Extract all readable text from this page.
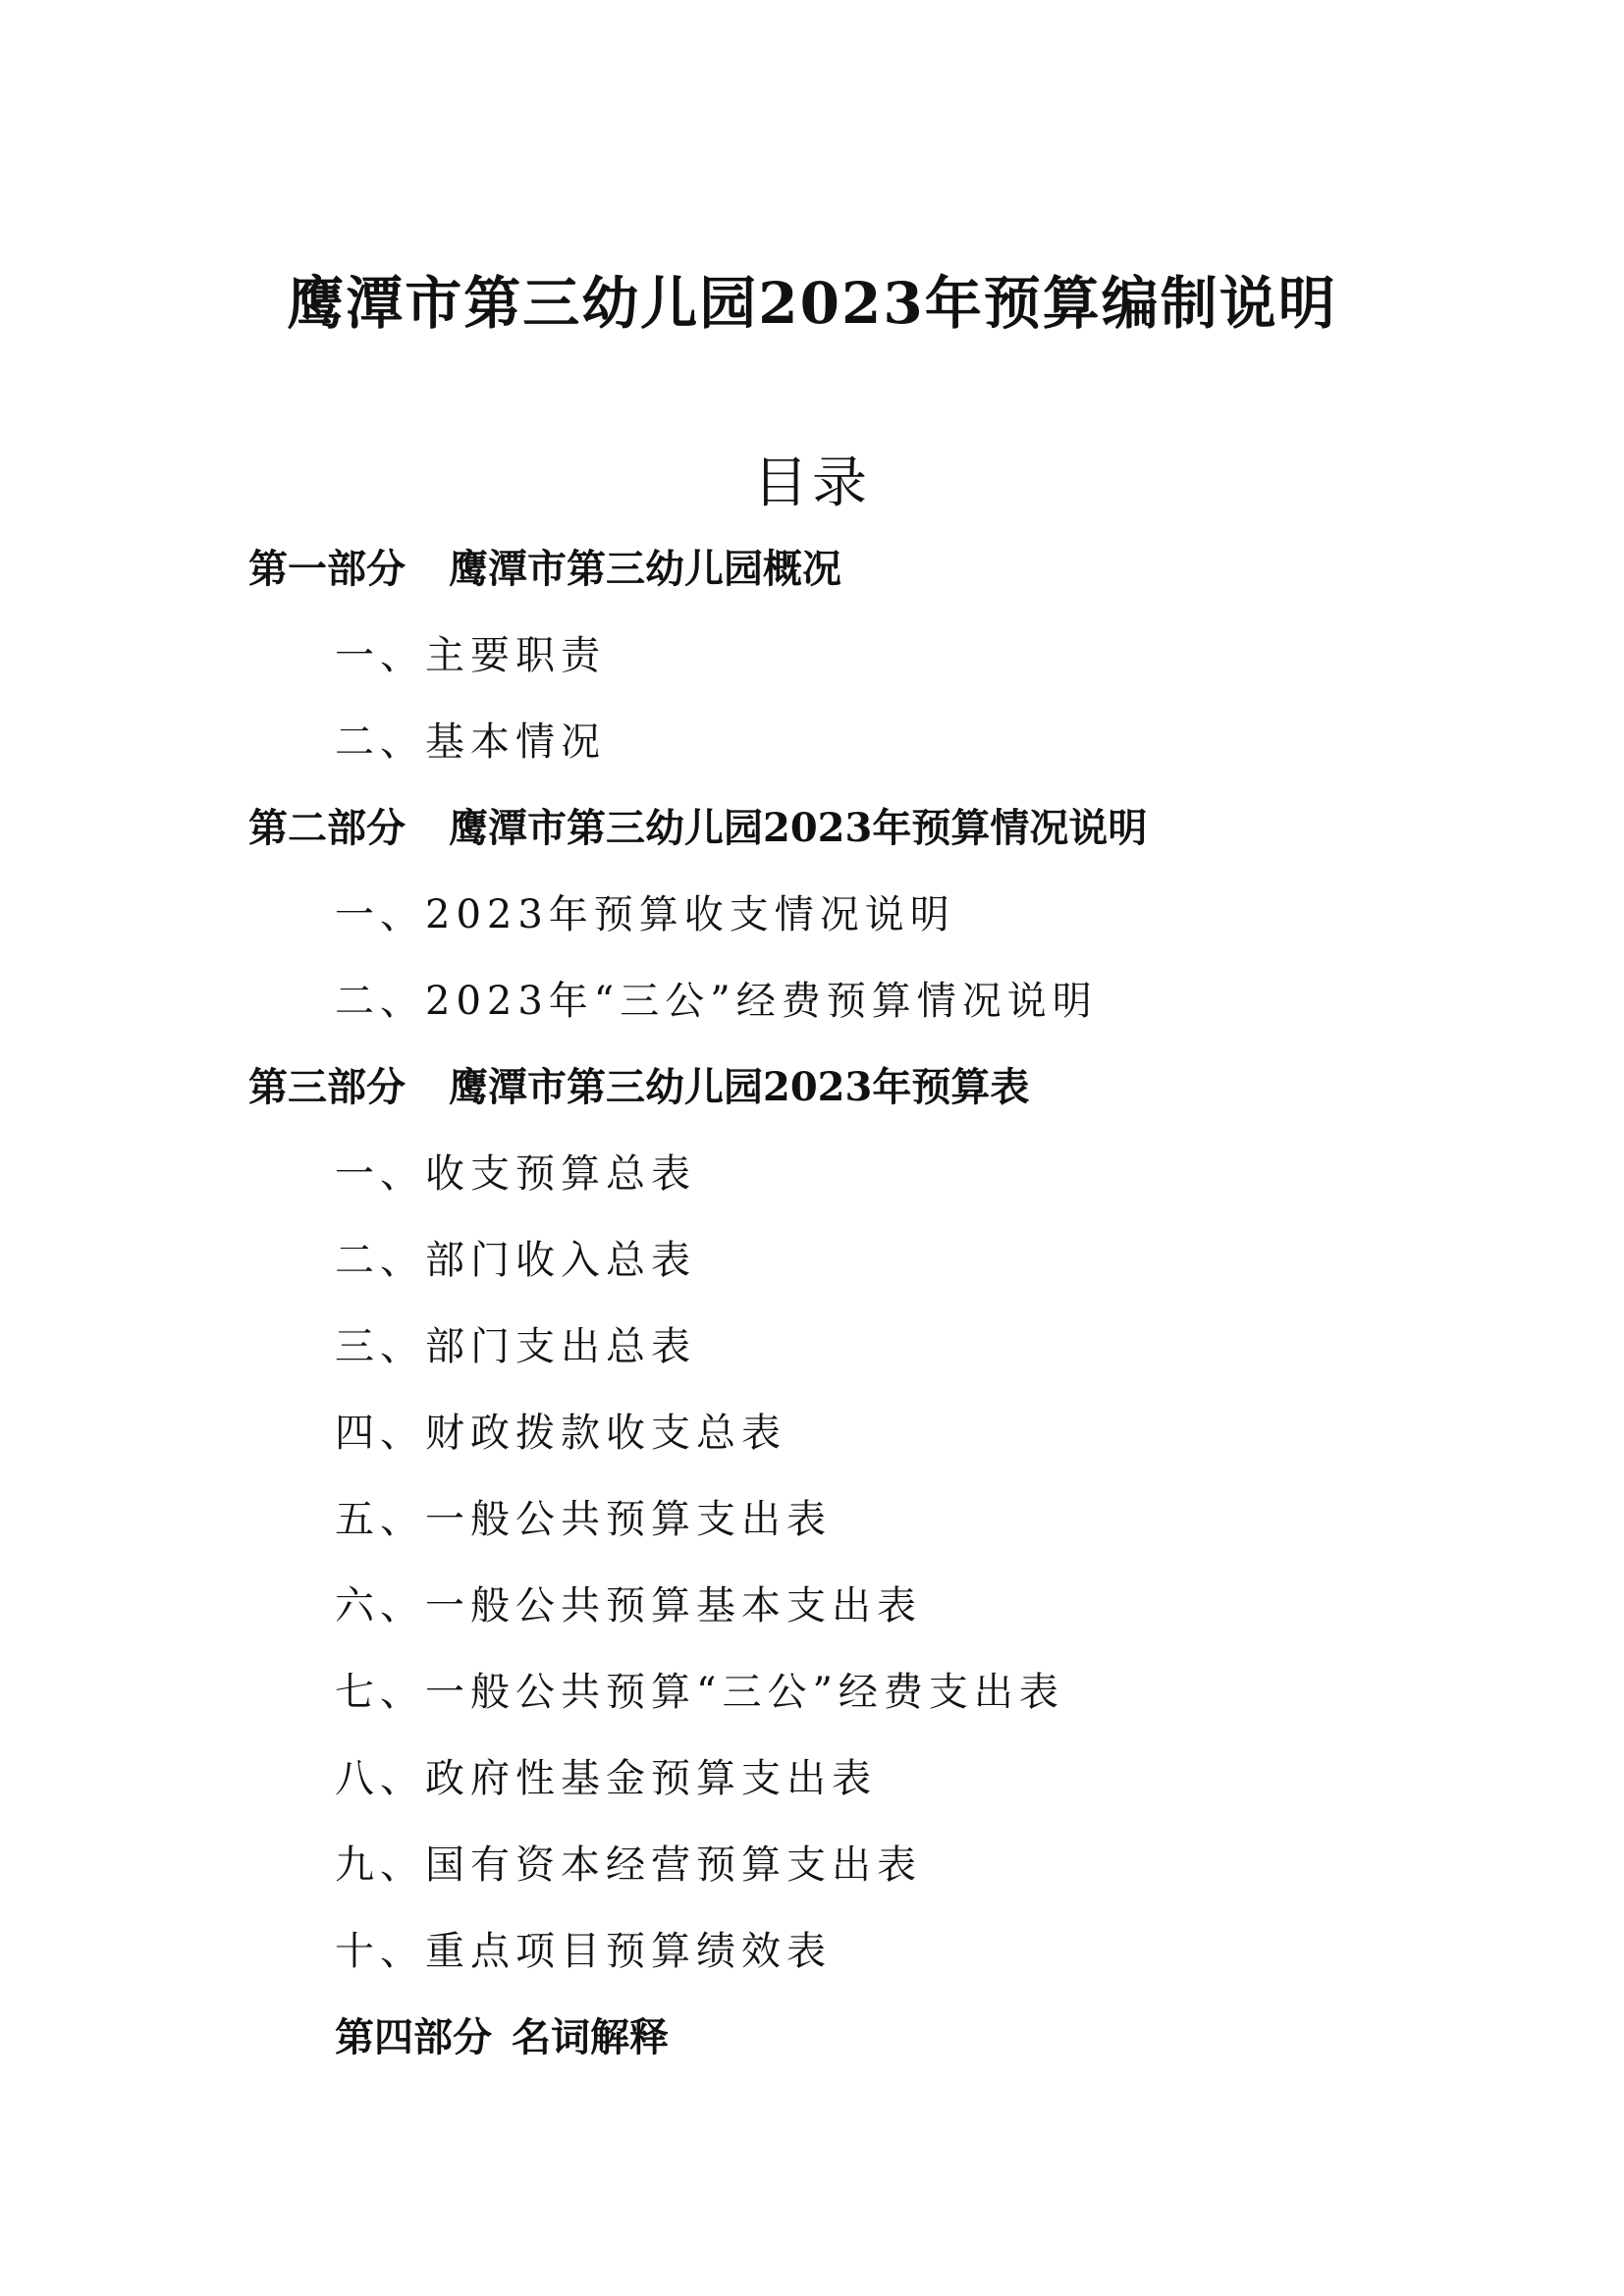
鹰潭市第三幼儿园2023年预算编制说明
目录
第一部分 鹰潭市第三幼儿园概况
一、主要职责
二、基本情况
第二部分 鹰潭市第三幼儿园2023年预算情况说明
一、2023年预算收支情况说明
二、2023年“三公”经费预算情况说明
第三部分 鹰潭市第三幼儿园2023年预算表
一、收支预算总表
二、部门收入总表
三、部门支出总表
四、财政拨款收支总表
五、一般公共预算支出表
六、一般公共预算基本支出表
七、一般公共预算“三公”经费支出表
八、政府性基金预算支出表
九、国有资本经营预算支出表
十、重点项目预算绩效表
第四部分 名词解释
